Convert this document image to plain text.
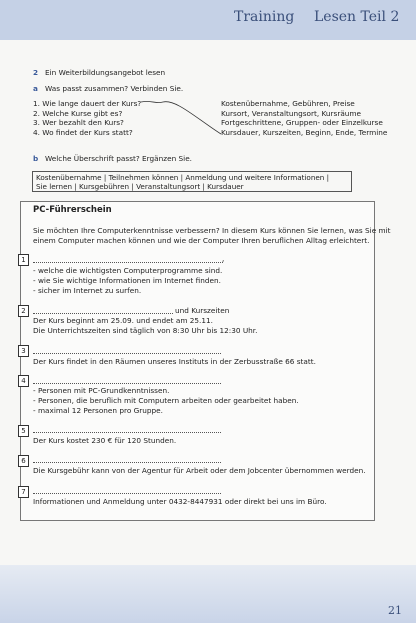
Training Lesen Teil 2
2 Ein Weiterbildungsangebot lesen
a Was passt zusammen? Verbinden Sie.
1. Wie lange dauert der Kurs?
2. Welche Kurse gibt es?
3. Wer bezahlt den Kurs?
4. Wo findet der Kurs statt?
Kostenübernahme, Gebühren, Preise
Kursort, Veranstaltungsort, Kursräume
Fortgeschrittene, Gruppen- oder Einzelkurse
Kursdauer, Kurszeiten, Beginn, Ende, Termine
b Welche Überschrift passt? Ergänzen Sie.
Kostenübernahme | Teilnehmen können | Anmeldung und weitere Informationen |
Sie lernen | Kursgebühren | Veranstaltungsort | Kursdauer
PC-Führerschein
Sie möchten Ihre Computerkenntnisse verbessern? In diesem Kurs können Sie lernen, was Sie mit
einem Computer machen können und wie der Computer Ihren beruflichen Alltag erleichtert.
1	,
- welche die wichtigsten Computerprogramme sind.
- wie Sie wichtige Informationen im Internet finden.
- sicher im Internet zu surfen.
2	und Kurszeiten
Der Kurs beginnt am 25.09. und endet am 25.11.
Die Unterrichtszeiten sind täglich von 8:30 Uhr bis 12:30 Uhr.
3
Der Kurs findet in den Räumen unseres Instituts in der Zerbusstraße 66 statt.
4
- Personen mit PC-Grundkenntnissen.
- Personen, die beruflich mit Computern arbeiten oder gearbeitet haben.
- maximal 12 Personen pro Gruppe.
5
Der Kurs kostet 230 € für 120 Stunden.
6
Die Kursgebühr kann von der Agentur für Arbeit oder dem Jobcenter übernommen werden.
7
Informationen und Anmeldung unter 0432-8447931 oder direkt bei uns im Büro.
21
